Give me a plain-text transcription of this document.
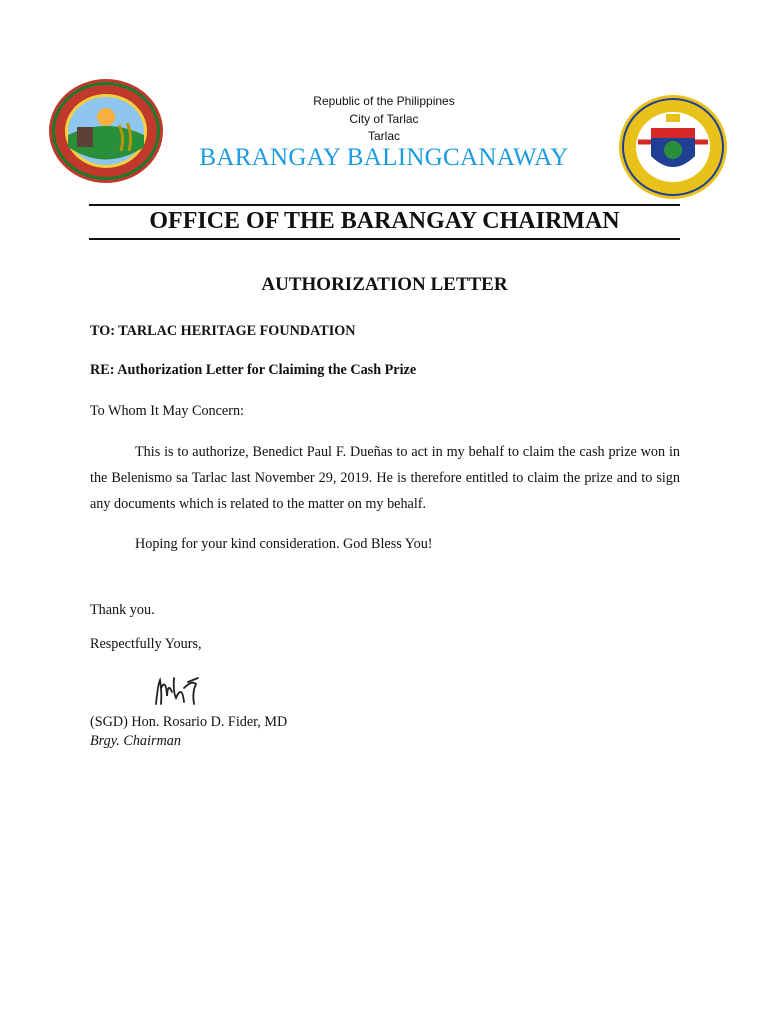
Republic of the Philippines
City of Tarlac
Tarlac
BARANGAY BALINGCANAWAY
OFFICE OF THE BARANGAY CHAIRMAN
AUTHORIZATION LETTER
TO: TARLAC HERITAGE FOUNDATION
RE: Authorization Letter for Claiming the Cash Prize
To Whom It May Concern:
This is to authorize, Benedict Paul F. Dueñas to act in my behalf to claim the cash prize won in the Belenismo sa Tarlac last November 29, 2019. He is therefore entitled to claim the prize and to sign any documents which is related to the matter on my behalf.
Hoping for your kind consideration. God Bless You!
Thank you.
Respectfully Yours,
(SGD) Hon. Rosario D. Fider, MD
Brgy. Chairman
